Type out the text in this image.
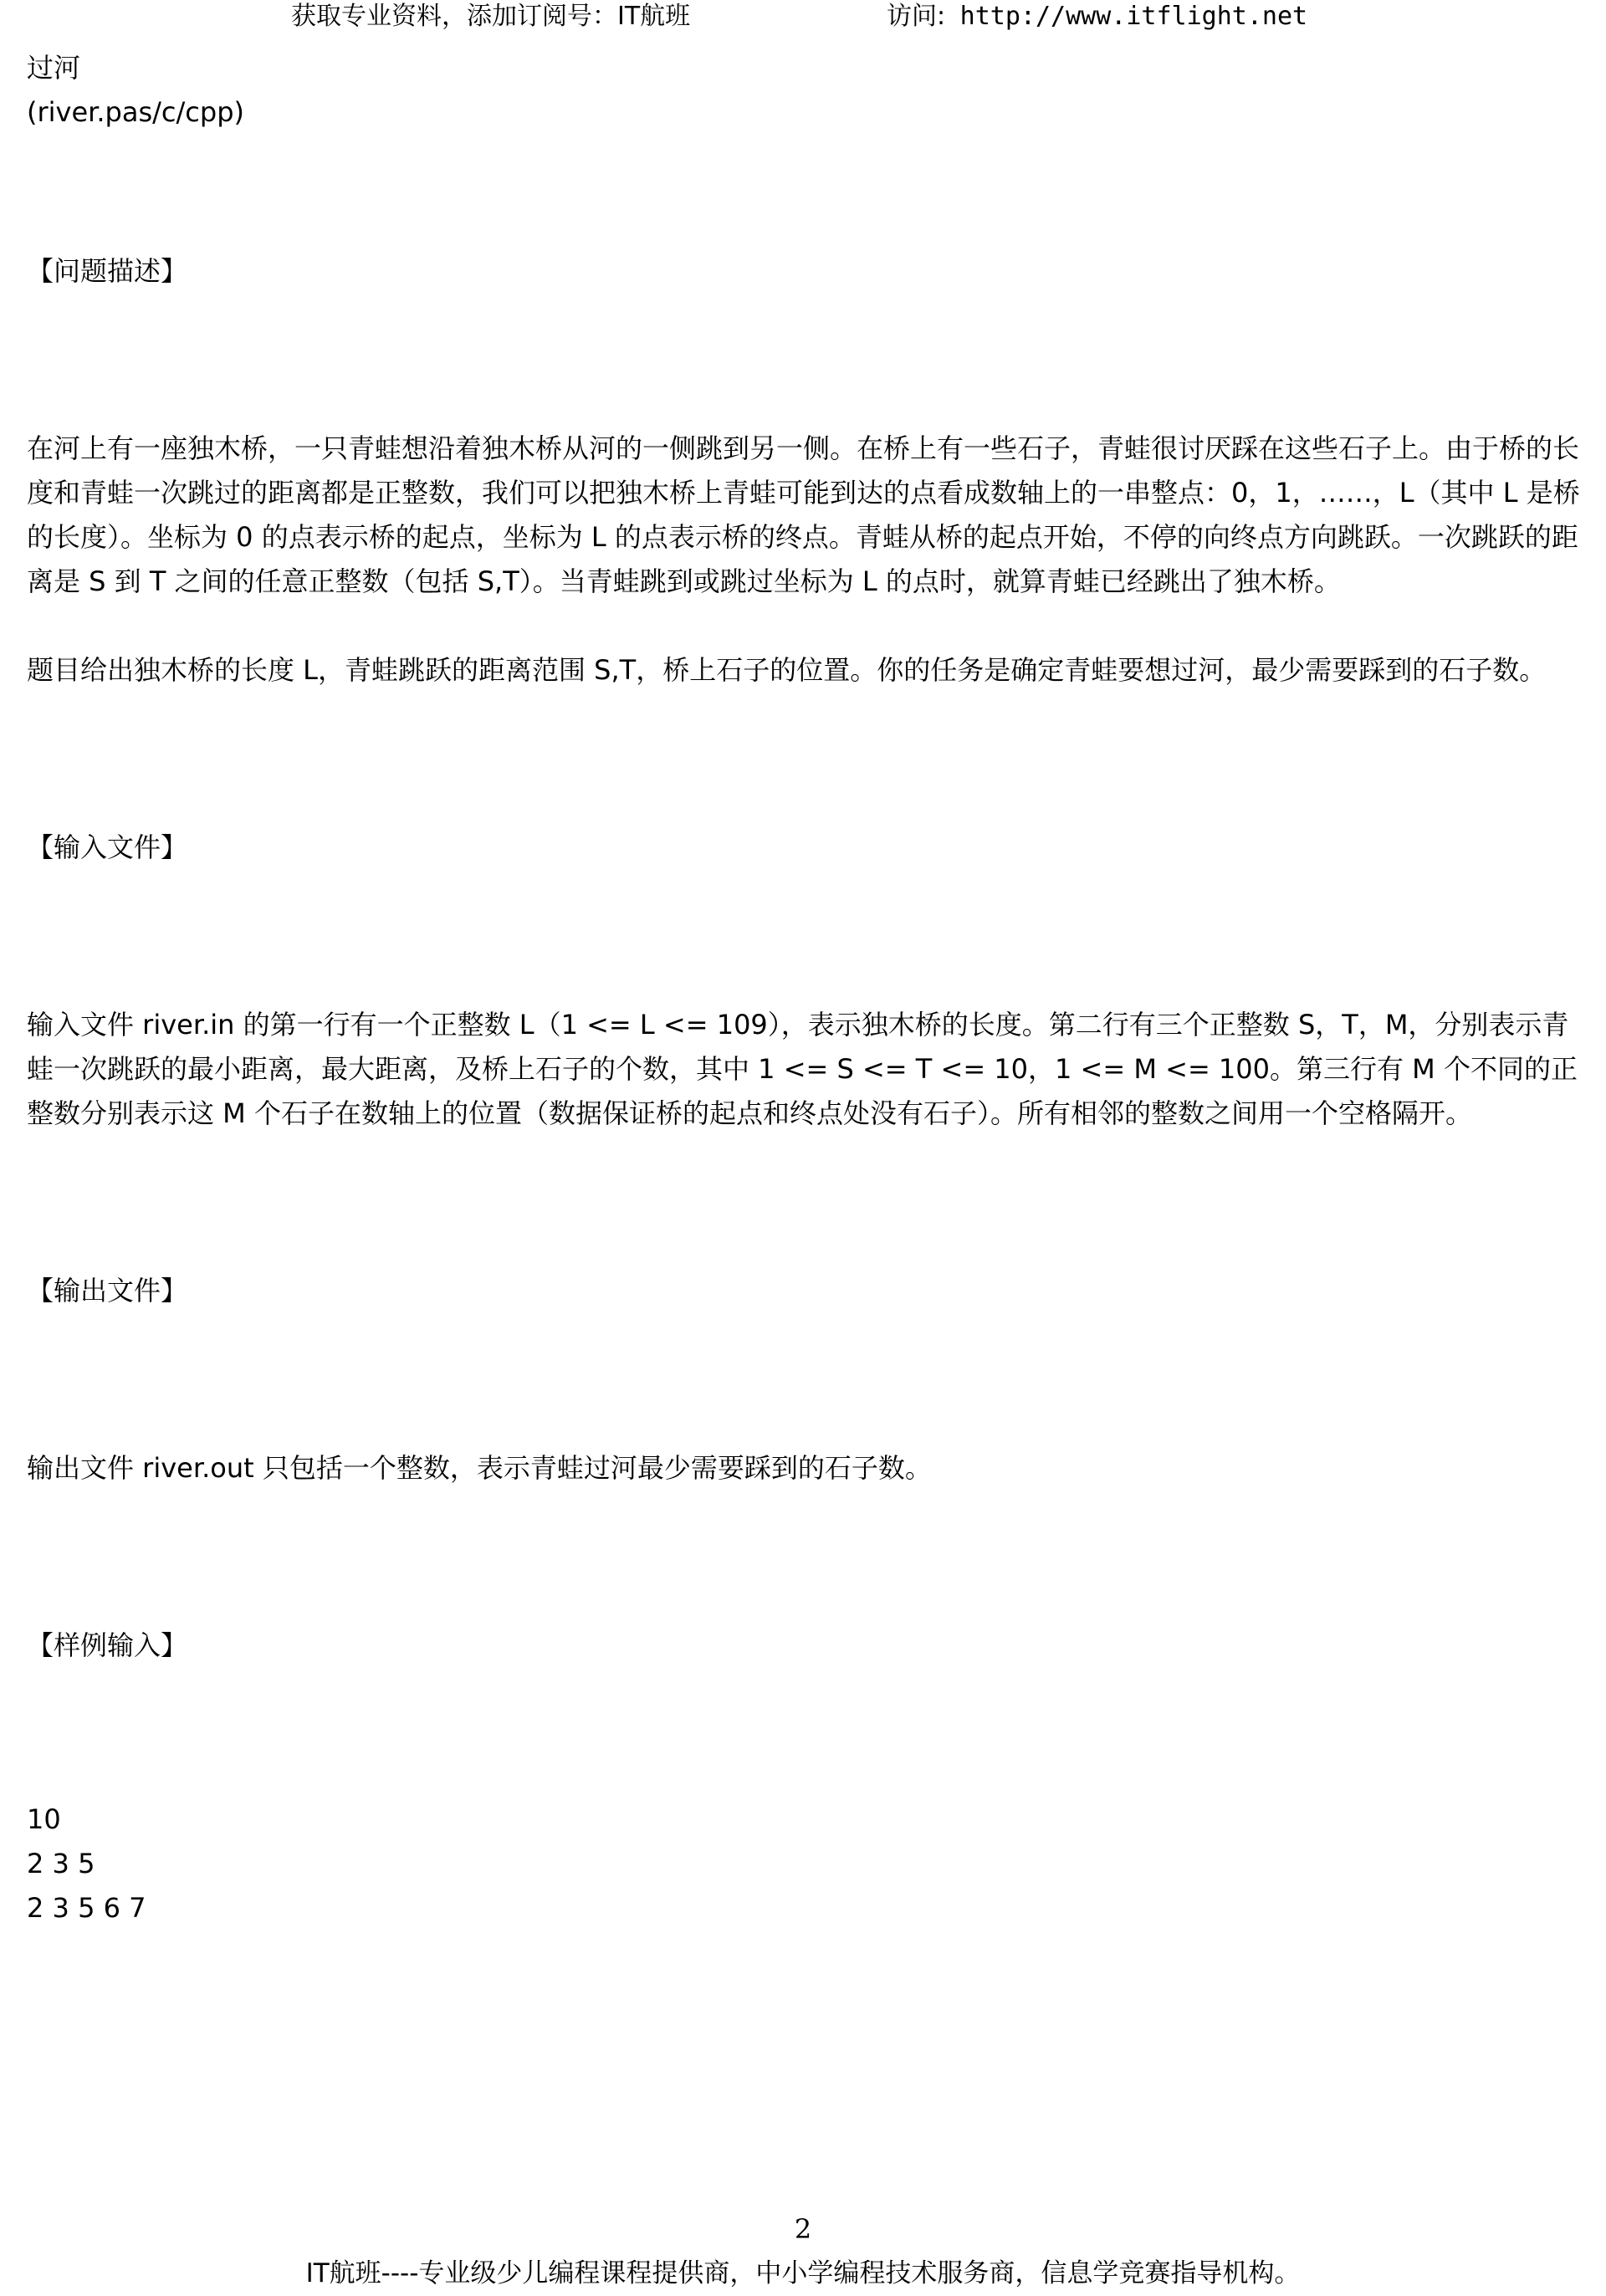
获取专业资料，添加订阅号：IT航班	访问: http://www.itflight.net

过河

(river.pas/c/cpp)

【问题描述】

在河上有一座独木桥，一只青蛙想沿着独木桥从河的一侧跳到另一侧。在桥上有一些石子，青蛙很讨厌踩在这些石子上。由于桥的长度和青蛙一次跳过的距离都是正整数，我们可以把独木桥上青蛙可能到达的点看成数轴上的一串整点：0，1，……，L（其中 L 是桥的长度）。坐标为 0 的点表示桥的起点，坐标为 L 的点表示桥的终点。青蛙从桥的起点开始，不停的向终点方向跳跃。一次跳跃的距离是 S 到 T 之间的任意正整数（包括 S,T）。当青蛙跳到或跳过坐标为 L 的点时，就算青蛙已经跳出了独木桥。

题目给出独木桥的长度 L，青蛙跳跃的距离范围 S,T，桥上石子的位置。你的任务是确定青蛙要想过河，最少需要踩到的石子数。

【输入文件】

输入文件 river.in 的第一行有一个正整数 L（1 <= L <= 109），表示独木桥的长度。第二行有三个正整数 S，T，M，分别表示青蛙一次跳跃的最小距离，最大距离，及桥上石子的个数，其中 1 <= S <= T <= 10，1 <= M <= 100。第三行有 M 个不同的正整数分别表示这 M 个石子在数轴上的位置（数据保证桥的起点和终点处没有石子）。所有相邻的整数之间用一个空格隔开。

【输出文件】

输出文件 river.out 只包括一个整数，表示青蛙过河最少需要踩到的石子数。

【样例输入】

10

2 3 5

2 3 5 6 7

2
IT航班----专业级少儿编程课程提供商，中小学编程技术服务商，信息学竞赛指导机构。
